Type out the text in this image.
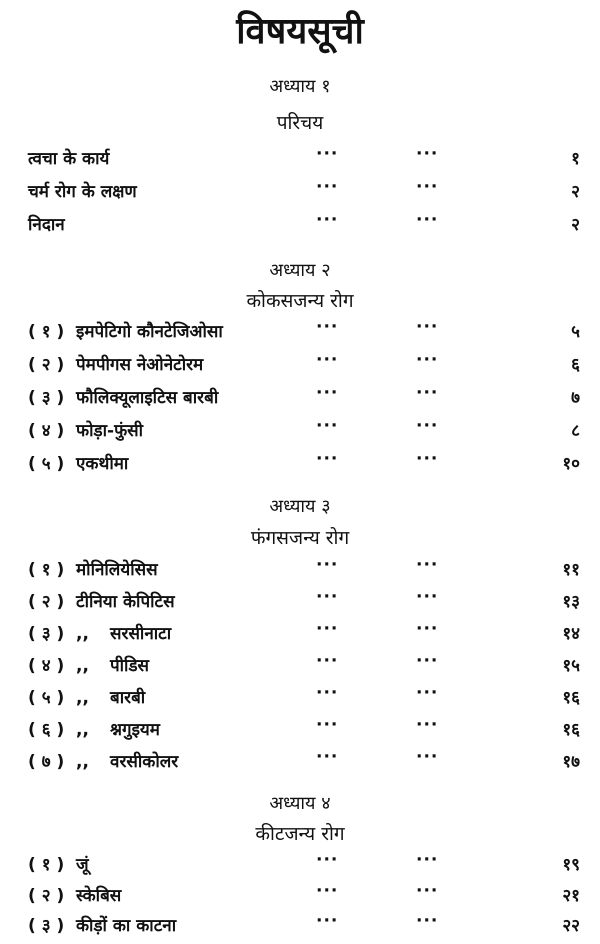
विषयसूची
अध्याय १
परिचय
त्वचा के कार्य	···	···	१
चर्म रोग के लक्षण	···	···	२
निदान	···	···	२
अध्याय २
कोकसजन्य रोग
( १ ) इमपेटिगो कौनटेजिओसा	···	···	५
( २ ) पेमपीगस नेओनेटोरम	···	···	६
( ३ ) फौलिक्यूलाइटिस बारबी	···	···	७
( ४ ) फोड़ा-फुंसी	···	···	८
( ५ ) एकथीमा	···	···	१०
अध्याय ३
फंगसजन्य रोग
( १ ) मोनिलियेसिस	···	···	११
( २ ) टीनिया केपिटिस	···	···	१३
( ३ ) ,, सरसीनाटा	···	···	१४
( ४ ) ,, पीडिस	···	···	१५
( ५ ) ,, बारबी	···	···	१६
( ६ ) ,, श्नगुइयम	···	···	१६
( ७ ) ,, वरसीकोलर	···	···	१७
अध्याय ४
कीटजन्य रोग
( १ ) जूं	···	···	१९
( २ ) स्केबिस	···	···	२१
( ३ ) कीड़ों का काटना	···	···	२२
